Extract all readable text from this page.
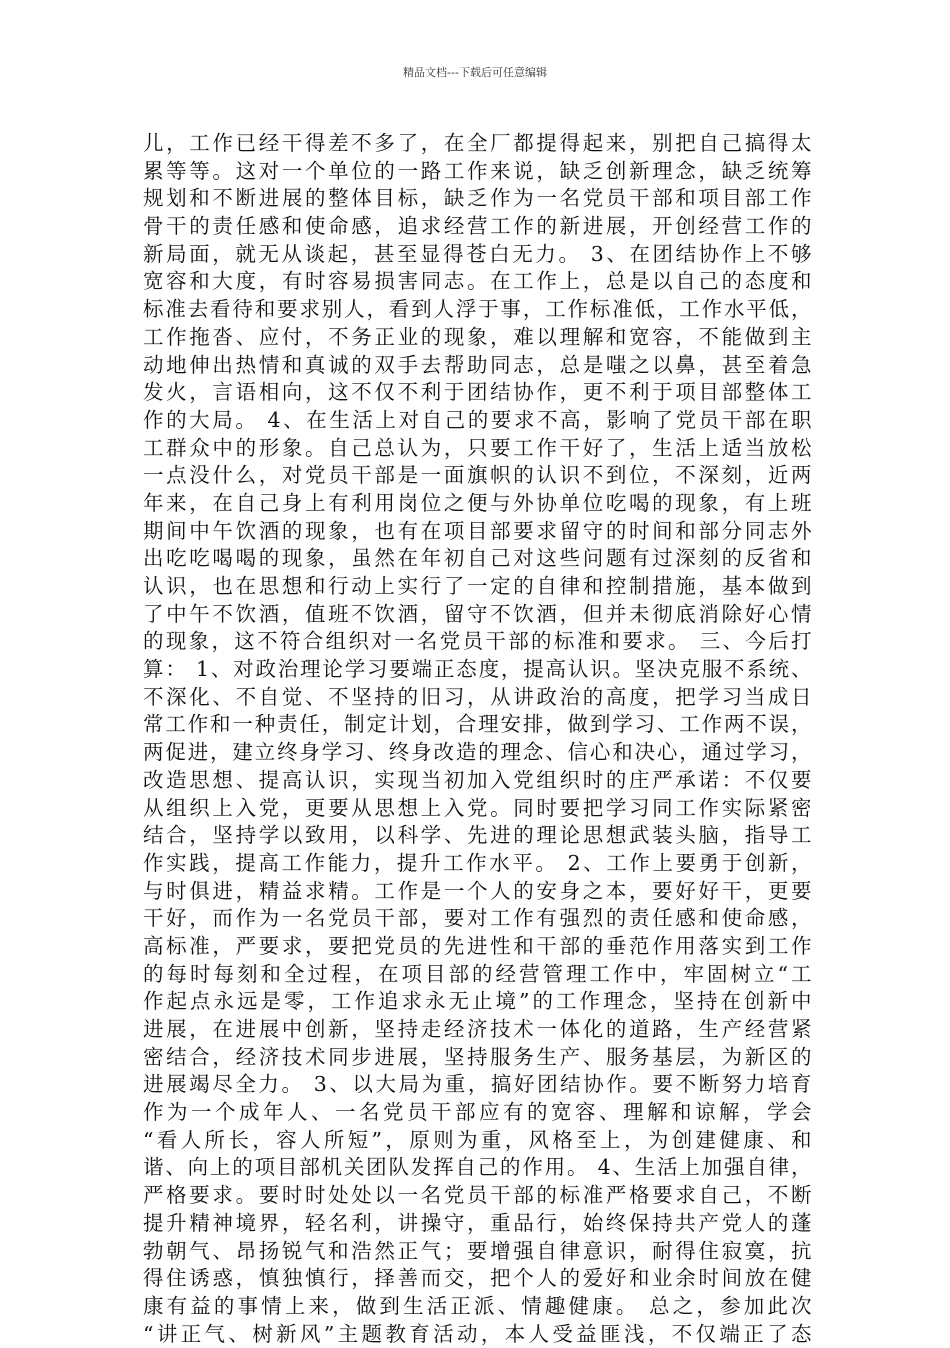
精品文档---下载后可任意编辑
儿，工作已经干得差不多了，在全厂都提得起来，别把自己搞得太
累等等。这对一个单位的一路工作来说，缺乏创新理念，缺乏统筹
规划和不断进展的整体目标，缺乏作为一名党员干部和项目部工作
骨干的责任感和使命感，追求经营工作的新进展，开创经营工作的
新局面，就无从谈起，甚至显得苍白无力。 3、在团结协作上不够
宽容和大度，有时容易损害同志。在工作上，总是以自己的态度和
标准去看待和要求别人，看到人浮于事，工作标准低，工作水平低，
工作拖沓、应付，不务正业的现象，难以理解和宽容，不能做到主
动地伸出热情和真诚的双手去帮助同志，总是嗤之以鼻，甚至着急
发火，言语相向，这不仅不利于团结协作，更不利于项目部整体工
作的大局。 4、在生活上对自己的要求不高，影响了党员干部在职
工群众中的形象。自己总认为，只要工作干好了，生活上适当放松
一点没什么，对党员干部是一面旗帜的认识不到位，不深刻，近两
年来，在自己身上有利用岗位之便与外协单位吃喝的现象，有上班
期间中午饮酒的现象，也有在项目部要求留守的时间和部分同志外
出吃吃喝喝的现象，虽然在年初自己对这些问题有过深刻的反省和
认识，也在思想和行动上实行了一定的自律和控制措施，基本做到
了中午不饮酒，值班不饮酒，留守不饮酒，但并未彻底消除好心情
的现象，这不符合组织对一名党员干部的标准和要求。 三、今后打
算： 1、对政治理论学习要端正态度，提高认识。坚决克服不系统、
不深化、不自觉、不坚持的旧习，从讲政治的高度，把学习当成日
常工作和一种责任，制定计划，合理安排，做到学习、工作两不误，
两促进，建立终身学习、终身改造的理念、信心和决心，通过学习，
改造思想、提高认识，实现当初加入党组织时的庄严承诺：不仅要
从组织上入党，更要从思想上入党。同时要把学习同工作实际紧密
结合，坚持学以致用，以科学、先进的理论思想武装头脑，指导工
作实践，提高工作能力，提升工作水平。 2、工作上要勇于创新，
与时俱进，精益求精。工作是一个人的安身之本，要好好干，更要
干好，而作为一名党员干部，要对工作有强烈的责任感和使命感，
高标准，严要求，要把党员的先进性和干部的垂范作用落实到工作
的每时每刻和全过程，在项目部的经营管理工作中，牢固树立“工
作起点永远是零，工作追求永无止境”的工作理念，坚持在创新中
进展，在进展中创新，坚持走经济技术一体化的道路，生产经营紧
密结合，经济技术同步进展，坚持服务生产、服务基层，为新区的
进展竭尽全力。 3、以大局为重，搞好团结协作。要不断努力培育
作为一个成年人、一名党员干部应有的宽容、理解和谅解，学会
“看人所长，容人所短”，原则为重，风格至上，为创建健康、和
谐、向上的项目部机关团队发挥自己的作用。 4、生活上加强自律，
严格要求。要时时处处以一名党员干部的标准严格要求自己，不断
提升精神境界，轻名利，讲操守，重品行，始终保持共产党人的蓬
勃朝气、昂扬锐气和浩然正气；要增强自律意识，耐得住寂寞，抗
得住诱惑，慎独慎行，择善而交，把个人的爱好和业余时间放在健
康有益的事情上来，做到生活正派、情趣健康。 总之，参加此次
“讲正气、树新风”主题教育活动，本人受益匪浅，不仅端正了态
